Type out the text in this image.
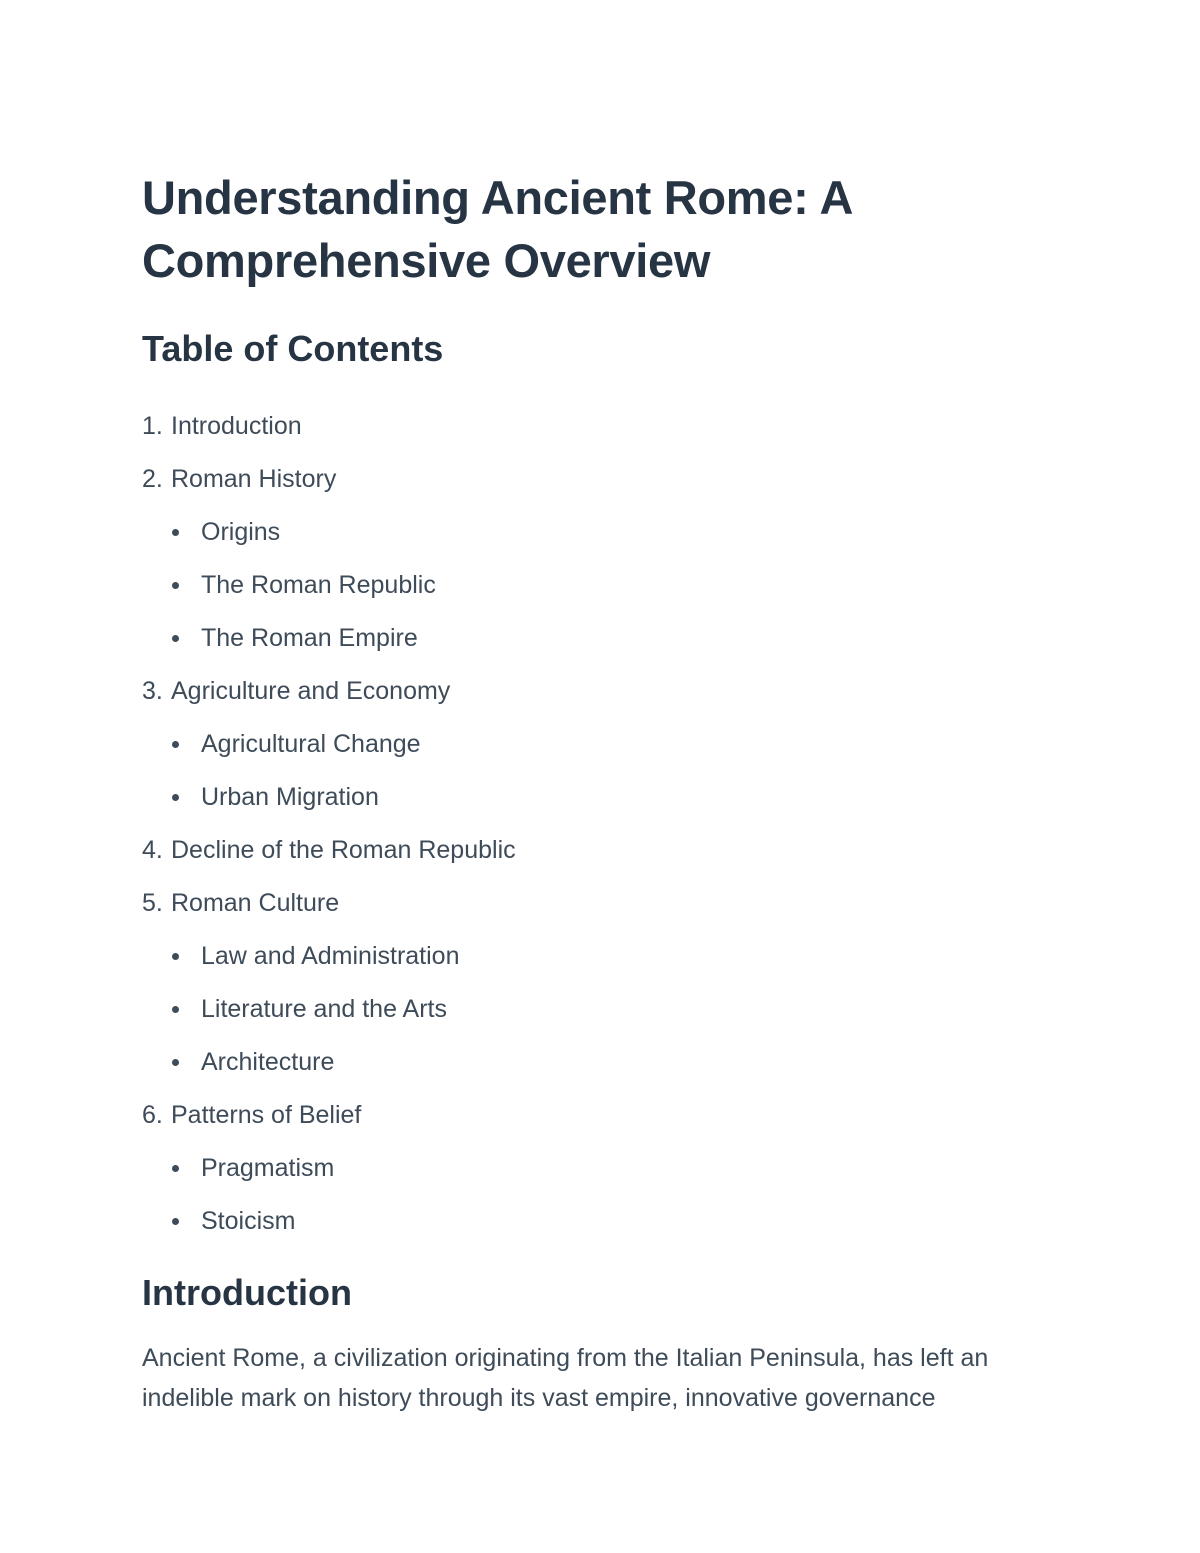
Understanding Ancient Rome: A Comprehensive Overview
Table of Contents
1. Introduction
2. Roman History
Origins
The Roman Republic
The Roman Empire
3. Agriculture and Economy
Agricultural Change
Urban Migration
4. Decline of the Roman Republic
5. Roman Culture
Law and Administration
Literature and the Arts
Architecture
6. Patterns of Belief
Pragmatism
Stoicism
Introduction

Ancient Rome, a civilization originating from the Italian Peninsula, has left an indelible mark on history through its vast empire, innovative governance
